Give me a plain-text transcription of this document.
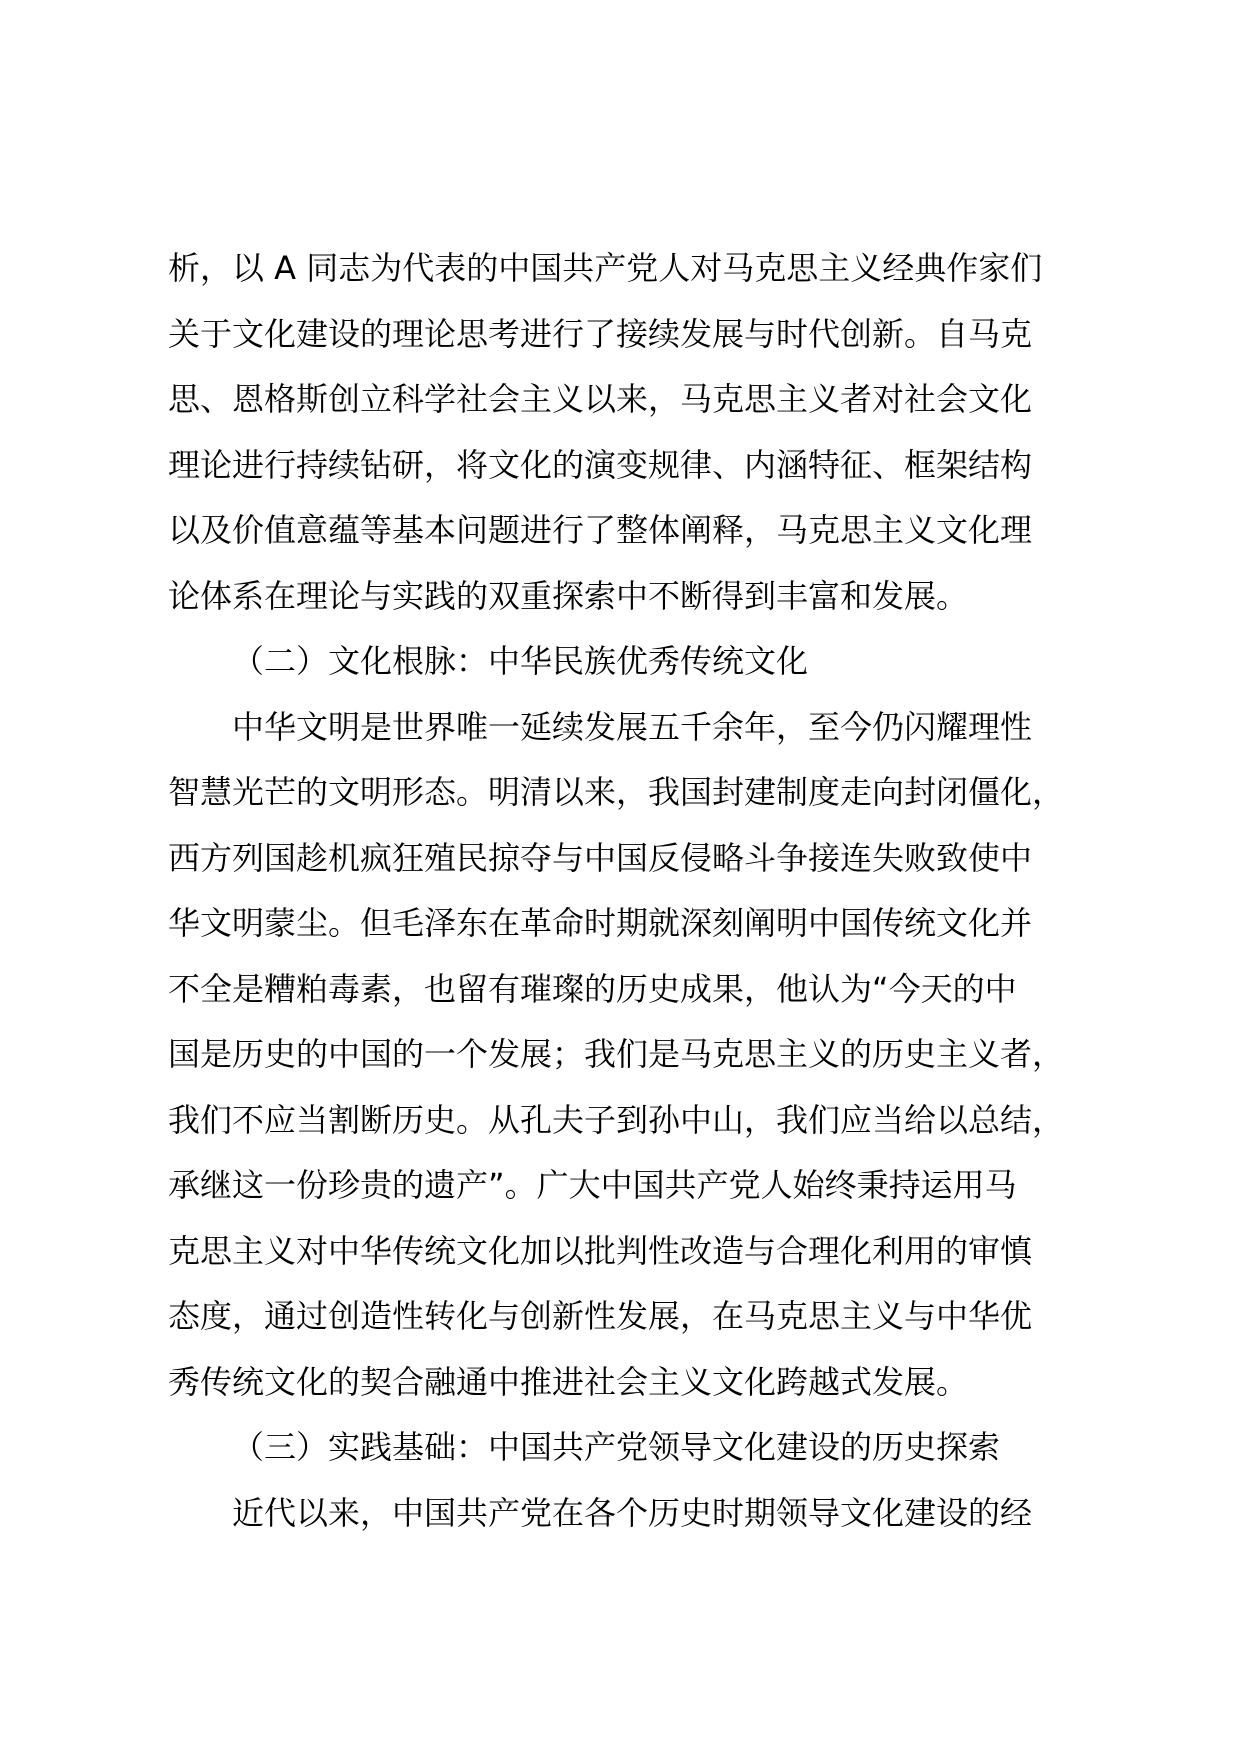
析，以 A 同志为代表的中国共产党人对马克思主义经典作家们
关于文化建设的理论思考进行了接续发展与时代创新。自马克
思、恩格斯创立科学社会主义以来，马克思主义者对社会文化
理论进行持续钻研，将文化的演变规律、内涵特征、框架结构
以及价值意蕴等基本问题进行了整体阐释，马克思主义文化理
论体系在理论与实践的双重探索中不断得到丰富和发展。
（二）文化根脉：中华民族优秀传统文化
中华文明是世界唯一延续发展五千余年，至今仍闪耀理性
智慧光芒的文明形态。明清以来，我国封建制度走向封闭僵化，
西方列国趁机疯狂殖民掠夺与中国反侵略斗争接连失败致使中
华文明蒙尘。但毛泽东在革命时期就深刻阐明中国传统文化并
不全是糟粕毒素，也留有璀璨的历史成果，他认为“今天的中
国是历史的中国的一个发展；我们是马克思主义的历史主义者，
我们不应当割断历史。从孔夫子到孙中山，我们应当给以总结，
承继这一份珍贵的遗产”。广大中国共产党人始终秉持运用马
克思主义对中华传统文化加以批判性改造与合理化利用的审慎
态度，通过创造性转化与创新性发展，在马克思主义与中华优
秀传统文化的契合融通中推进社会主义文化跨越式发展。
（三）实践基础：中国共产党领导文化建设的历史探索
近代以来，中国共产党在各个历史时期领导文化建设的经
